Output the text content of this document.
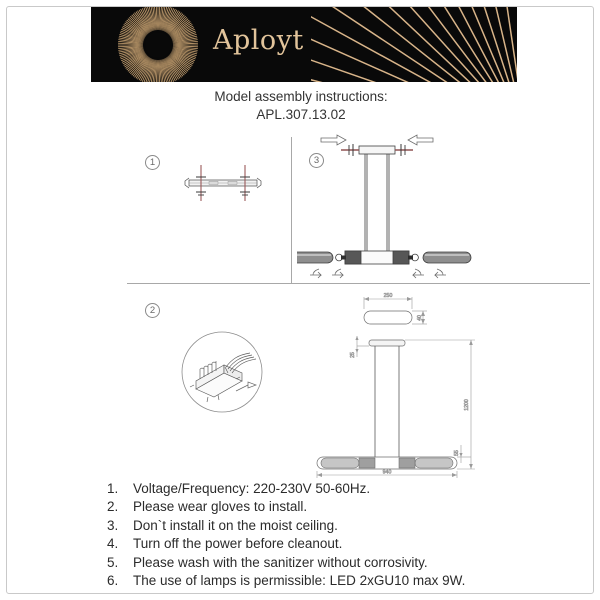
Aployt
Model assembly instructions:
APL.307.13.02
1
2
3
250
40
25
1200
55
940
1.	Voltage/Frequency: 220-230V 50-60Hz.
2.	Please wear gloves to install.
3.	Don`t install it on the moist ceiling.
4.	Turn off the power before cleanout.
5.	Please wash with the sanitizer without corrosivity.
6.	The use of lamps is permissible: LED 2xGU10 max 9W.
